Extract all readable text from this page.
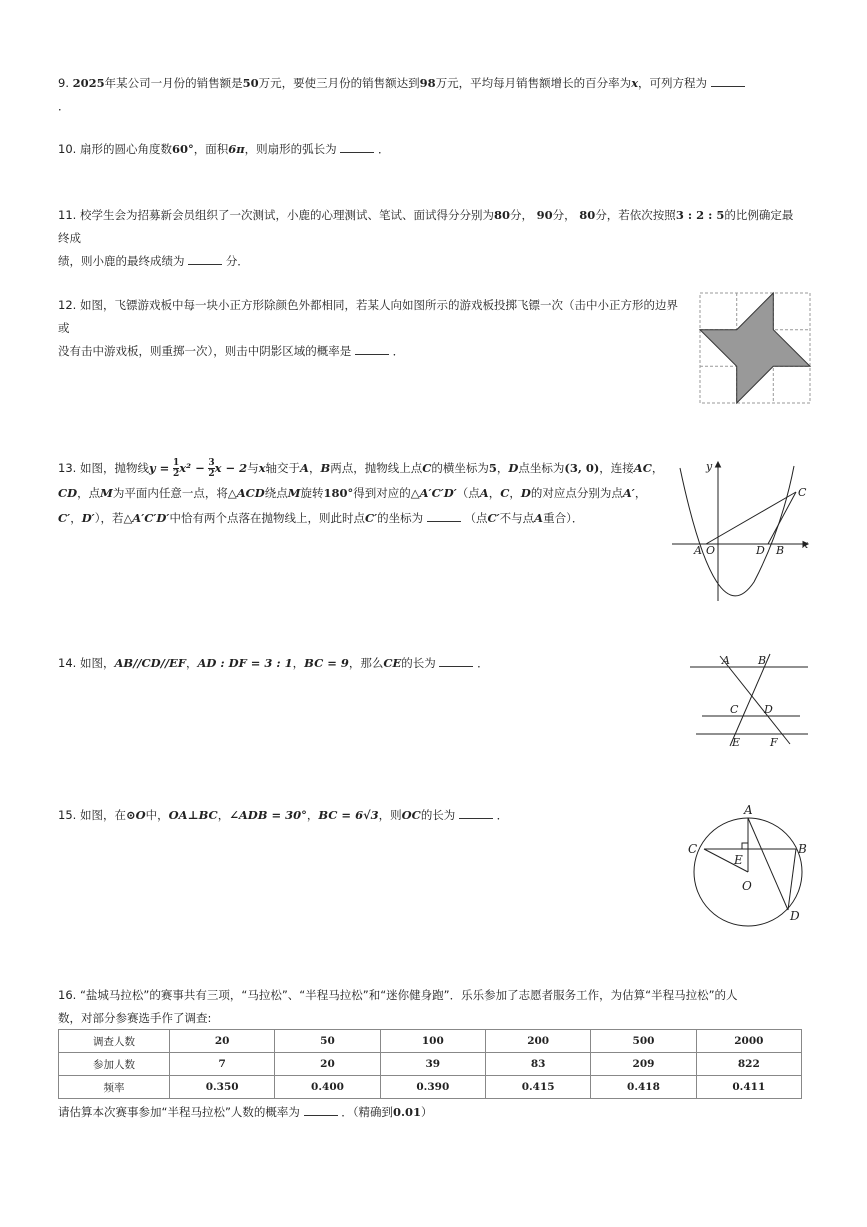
9. 2025年某公司一月份的销售额是50万元，要使三月份的销售额达到98万元，平均每月销售额增长的百分率为x，可列方程为  ．
10. 扇形的圆心角度数60°，面积6π，则扇形的弧长为	．
11. 校学生会为招募新会员组织了一次测试，小鹿的心理测试、笔试、面试得分分别为80分， 90分， 80分，若依次按照3 : 2 : 5的比例确定最终成
绩，则小鹿的最终成绩为	分．
12. 如图，飞镖游戏板中每一块小正方形除颜色外都相同，若某人向如图所示的游戏板投掷飞镖一次（击中小正方形的边界或
没有击中游戏板，则重掷一次），则击中阴影区域的概率是	．
13. 如图，抛物线$y = \frac{1}{2} x^2 - \frac{3}{2}$ x − 2与x轴交于A，B两点，抛物线上点C的横坐标为5，D点坐标为(3, 0)，连接AC，
CD，点M为平面内任意一点，将△ACD绕点M旋转180°得到对应的△A′C′D′（点A，C，D的对应点分别为点A′，
C′，D′），若△A′C′D′中恰有两个点落在抛物线上，则此时点C′的坐标为	（点C′不与点A重合）．
y
C
A O	D B x
14. 如图，AB//CD//EF，AD : DF = 3 : 1，BC = 9，那么CE的长为	．	A	B
C D
E	F
15. 如图，在⊙O中，OA⊥BC，∠ADB = 30°，BC = 6√3，则OC的长为	．	A
C	B
E
O
D
16. “盐城马拉松”的赛事共有三项，“马拉松”、“半程马拉松”和“迷你健身跑”．乐乐参加了志愿者服务工作，为估算“半程马拉松”的人
数，对部分参赛选手作了调查:
调查人数	20	50	100	200	500	2000
参加人数	7	20	39	83	209	822
频率	0.350	0.400	0.390	0.415	0.418	0.411
请估算本次赛事参加“半程马拉松”人数的概率为	．（精确到0.01）
